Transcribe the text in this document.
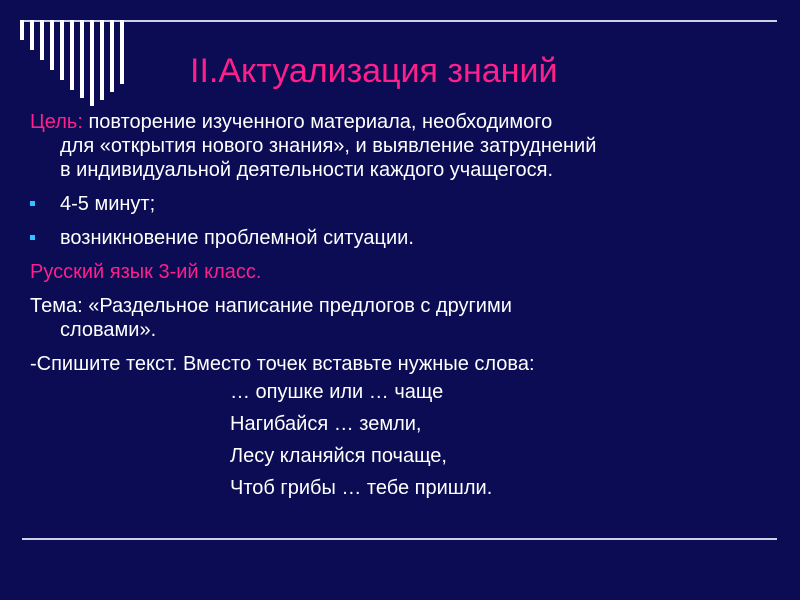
II.Актуализация знаний
Цель: повторение изученного материала, необходимого
для «открытия нового знания», и выявление затруднений
в индивидуальной деятельности каждого учащегося.
4-5 минут;
возникновение проблемной ситуации.
Русский язык 3-ий класс.
Тема: «Раздельное написание предлогов с другими
словами».
-Спишите текст. Вместо точек вставьте нужные слова:
… опушке или … чаще
Нагибайся … земли,
Лесу кланяйся почаще,
Чтоб грибы … тебе пришли.
